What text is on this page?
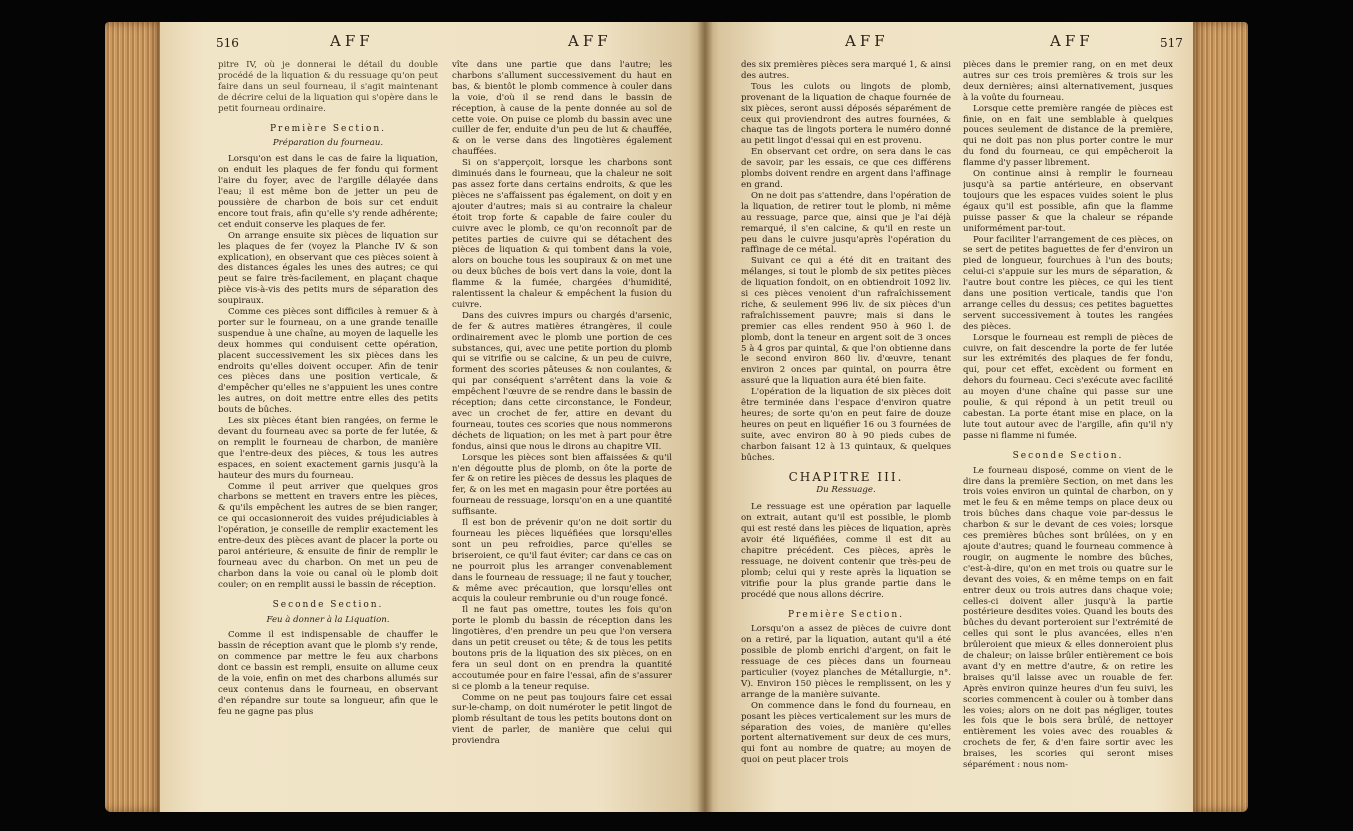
516	AFF	AFF

pitre IV, où je donnerai le détail du double procédé de la liquation & du ressuage qu'on peut faire dans un seul fourneau, il s'agit maintenant de décrire celui de la liquation qui s'opère dans le petit fourneau ordinaire.

Première Section.
Préparation du fourneau.

Lorsqu'on est dans le cas de faire la liquation, on enduit les plaques de fer fondu qui forment l'aire du foyer, avec de l'argille délayée dans l'eau; il est même bon de jetter un peu de poussière de charbon de bois sur cet enduit encore tout frais, afin qu'elle s'y rende adhérente; cet enduit conserve les plaques de fer.

On arrange ensuite six pièces de liquation sur les plaques de fer (voyez la Planche IV & son explication), en observant que ces pièces soient à des distances égales les unes des autres; ce qui peut se faire très-facilement, en plaçant chaque pièce vis-à-vis des petits murs de séparation des soupiraux.

Comme ces pièces sont difficiles à remuer & à porter sur le fourneau, on a une grande tenaille suspendue à une chaîne, au moyen de laquelle les deux hommes qui conduisent cette opération, placent successivement les six pièces dans les endroits qu'elles doivent occuper. Afin de tenir ces pièces dans une position verticale, & d'empêcher qu'elles ne s'appuient les unes contre les autres, on doit mettre entre elles des petits bouts de bûches.

Les six pièces étant bien rangées, on ferme le devant du fourneau avec sa porte de fer lutée, & on remplit le fourneau de charbon, de manière que l'entre-deux des pièces, & tous les autres espaces, en soient exactement garnis jusqu'à la hauteur des murs du fourneau.

Comme il peut arriver que quelques gros charbons se mettent en travers entre les pièces, & qu'ils empêchent les autres de se bien ranger, ce qui occasionneroit des vuides préjudiciables à l'opération, je conseille de remplir exactement les entre-deux des pièces avant de placer la porte ou paroi antérieure, & ensuite de finir de remplir le fourneau avec du charbon. On met un peu de charbon dans la voie ou canal où le plomb doit couler; on en remplit aussi le bassin de réception.

Seconde Section.
Feu à donner à la Liquation.

Comme il est indispensable de chauffer le bassin de réception avant que le plomb s'y rende, on commence par mettre le feu aux charbons dont ce bassin est rempli, ensuite on allume ceux de la voie, enfin on met des charbons allumés sur ceux contenus dans le fourneau, en observant d'en répandre sur toute sa longueur, afin que le feu ne gagne pas plus

vîte dans une partie que dans l'autre; les charbons s'allument successivement du haut en bas, & bientôt le plomb commence à couler dans la voie, d'où il se rend dans le bassin de réception, à cause de la pente donnée au sol de cette voie. On puise ce plomb du bassin avec une cuiller de fer, enduite d'un peu de lut & chauffée, & on le verse dans des lingotières également chauffées.

Si on s'apperçoit, lorsque les charbons sont diminués dans le fourneau, que la chaleur ne soit pas assez forte dans certains endroits, & que les pièces ne s'affaissent pas également, on doit y en ajouter d'autres; mais si au contraire la chaleur étoit trop forte & capable de faire couler du cuivre avec le plomb, ce qu'on reconnoît par de petites parties de cuivre qui se détachent des pièces de liquation & qui tombent dans la voie, alors on bouche tous les soupiraux & on met une ou deux bûches de bois vert dans la voie, dont la flamme & la fumée, chargées d'humidité, ralentissent la chaleur & empêchent la fusion du cuivre.

Dans des cuivres impurs ou chargés d'arsenic, de fer & autres matières étrangères, il coule ordinairement avec le plomb une portion de ces substances, qui, avec une petite portion du plomb qui se vitrifie ou se calcine, & un peu de cuivre, forment des scories pâteuses & non coulantes, & qui par conséquent s'arrêtent dans la voie & empêchent l'œuvre de se rendre dans le bassin de réception; dans cette circonstance, le Fondeur, avec un crochet de fer, attire en devant du fourneau, toutes ces scories que nous nommerons déchets de liquation; on les met à part pour être fondus, ainsi que nous le dirons au chapitre VII.

Lorsque les pièces sont bien affaissées & qu'il n'en dégoutte plus de plomb, on ôte la porte de fer & on retire les pièces de dessus les plaques de fer, & on les met en magasin pour être portées au fourneau de ressuage, lorsqu'on en a une quantité suffisante.

Il est bon de prévenir qu'on ne doit sortir du fourneau les pièces liquéfiées que lorsqu'elles sont un peu refroidies, parce qu'elles se briseroient, ce qu'il faut éviter; car dans ce cas on ne pourroit plus les arranger convenablement dans le fourneau de ressuage; il ne faut y toucher, & même avec précaution, que lorsqu'elles ont acquis la couleur rembrunie ou d'un rouge foncé.

Il ne faut pas omettre, toutes les fois qu'on porte le plomb du bassin de réception dans les lingotières, d'en prendre un peu que l'on versera dans un petit creuset ou tête; & de tous les petits boutons pris de la liquation des six pièces, on en fera un seul dont on en prendra la quantité accoutumée pour en faire l'essai, afin de s'assurer si ce plomb a la teneur requise.

Comme on ne peut pas toujours faire cet essai sur-le-champ, on doit numéroter le petit lingot de plomb résultant de tous les petits boutons dont on vient de parler, de manière que celui qui proviendra

AFF	AFF	517

des six premières pièces sera marqué 1, & ainsi des autres.

Tous les culots ou lingots de plomb, provenant de la liquation de chaque fournée de six pièces, seront aussi déposés séparément de ceux qui proviendront des autres fournées, & chaque tas de lingots portera le numéro donné au petit lingot d'essai qui en est provenu.

En observant cet ordre, on sera dans le cas de savoir, par les essais, ce que ces différens plombs doivent rendre en argent dans l'affinage en grand.

On ne doit pas s'attendre, dans l'opération de la liquation, de retirer tout le plomb, ni même au ressuage, parce que, ainsi que je l'ai déjà remarqué, il s'en calcine, & qu'il en reste un peu dans le cuivre jusqu'après l'opération du raffinage de ce métal.

Suivant ce qui a été dit en traitant des mélanges, si tout le plomb de six petites pièces de liquation fondoit, on en obtiendroit 1092 liv. si ces pièces venoient d'un rafraîchissement riche, & seulement 996 liv. de six pièces d'un rafraîchissement pauvre; mais si dans le premier cas elles rendent 950 à 960 l. de plomb, dont la teneur en argent soit de 3 onces 5 à 4 gros par quintal, & que l'on obtienne dans le second environ 860 liv. d'œuvre, tenant environ 2 onces par quintal, on pourra être assuré que la liquation aura été bien faite.

L'opération de la liquation de six pièces doit être terminée dans l'espace d'environ quatre heures; de sorte qu'on en peut faire de douze heures on peut en liquéfier 16 ou 3 fournées de suite, avec environ 80 à 90 pieds cubes de charbon faisant 12 à 13 quintaux, & quelques bûches.

CHAPITRE III.
Du Ressuage.

Le ressuage est une opération par laquelle on extrait, autant qu'il est possible, le plomb qui est resté dans les pièces de liquation, après avoir été liquéfiées, comme il est dit au chapitre précédent. Ces pièces, après le ressuage, ne doivent contenir que très-peu de plomb; celui qui y reste après la liquation se vitrifie pour la plus grande partie dans le procédé que nous allons décrire.

Première Section.

Lorsqu'on a assez de pièces de cuivre dont on a retiré, par la liquation, autant qu'il a été possible de plomb enrichi d'argent, on fait le ressuage de ces pièces dans un fourneau particulier (voyez planches de Métallurgie, n°. V). Environ 150 pièces le remplissent, on les y arrange de la manière suivante.

On commence dans le fond du fourneau, en posant les pièces verticalement sur les murs de séparation des voies, de manière qu'elles portent alternativement sur deux de ces murs, qui font au nombre de quatre; au moyen de quoi on peut placer trois

pièces dans le premier rang, on en met deux autres sur ces trois premières & trois sur les deux dernières; ainsi alternativement, jusques à la voûte du fourneau.

Lorsque cette première rangée de pièces est finie, on en fait une semblable à quelques pouces seulement de distance de la première, qui ne doit pas non plus porter contre le mur du fond du fourneau, ce qui empêcheroit la flamme d'y passer librement.

On continue ainsi à remplir le fourneau jusqu'à sa partie antérieure, en observant toujours que les espaces vuides soient le plus égaux qu'il est possible, afin que la flamme puisse passer & que la chaleur se répande uniformément par-tout.

Pour faciliter l'arrangement de ces pièces, on se sert de petites baguettes de fer d'environ un pied de longueur, fourchues à l'un des bouts; celui-ci s'appuie sur les murs de séparation, & l'autre bout contre les pièces, ce qui les tient dans une position verticale, tandis que l'on arrange celles du dessus; ces petites baguettes servent successivement à toutes les rangées des pièces.

Lorsque le fourneau est rempli de pièces de cuivre, on fait descendre la porte de fer lutée sur les extrémités des plaques de fer fondu, qui, pour cet effet, excèdent ou forment en dehors du fourneau. Ceci s'exécute avec facilité au moyen d'une chaîne qui passe sur une poulie, & qui répond à un petit treuil ou cabestan. La porte étant mise en place, on la lute tout autour avec de l'argille, afin qu'il n'y passe ni flamme ni fumée.

Seconde Section.

Le fourneau disposé, comme on vient de le dire dans la première Section, on met dans les trois voies environ un quintal de charbon, on y met le feu & en même temps on place deux ou trois bûches dans chaque voie par-dessus le charbon & sur le devant de ces voies; lorsque ces premières bûches sont brûlées, on y en ajoute d'autres; quand le fourneau commence à rougir, on augmente le nombre des bûches, c'est-à-dire, qu'on en met trois ou quatre sur le devant des voies, & en même temps on en fait entrer deux ou trois autres dans chaque voie; celles-ci doivent aller jusqu'à la partie postérieure desdites voies. Quand les bouts des bûches du devant porteroient sur l'extrémité de celles qui sont le plus avancées, elles n'en brûleroient que mieux & elles donneroient plus de chaleur; on laisse brûler entièrement ce bois avant d'y en mettre d'autre, & on retire les braises qu'il laisse avec un rouable de fer. Après environ quinze heures d'un feu suivi, les scories commencent à couler ou à tomber dans les voies; alors on ne doit pas négliger, toutes les fois que le bois sera brûlé, de nettoyer entièrement les voies avec des rouables & crochets de fer, & d'en faire sortir avec les braises, les scories qui seront mises séparément : nous nom-
